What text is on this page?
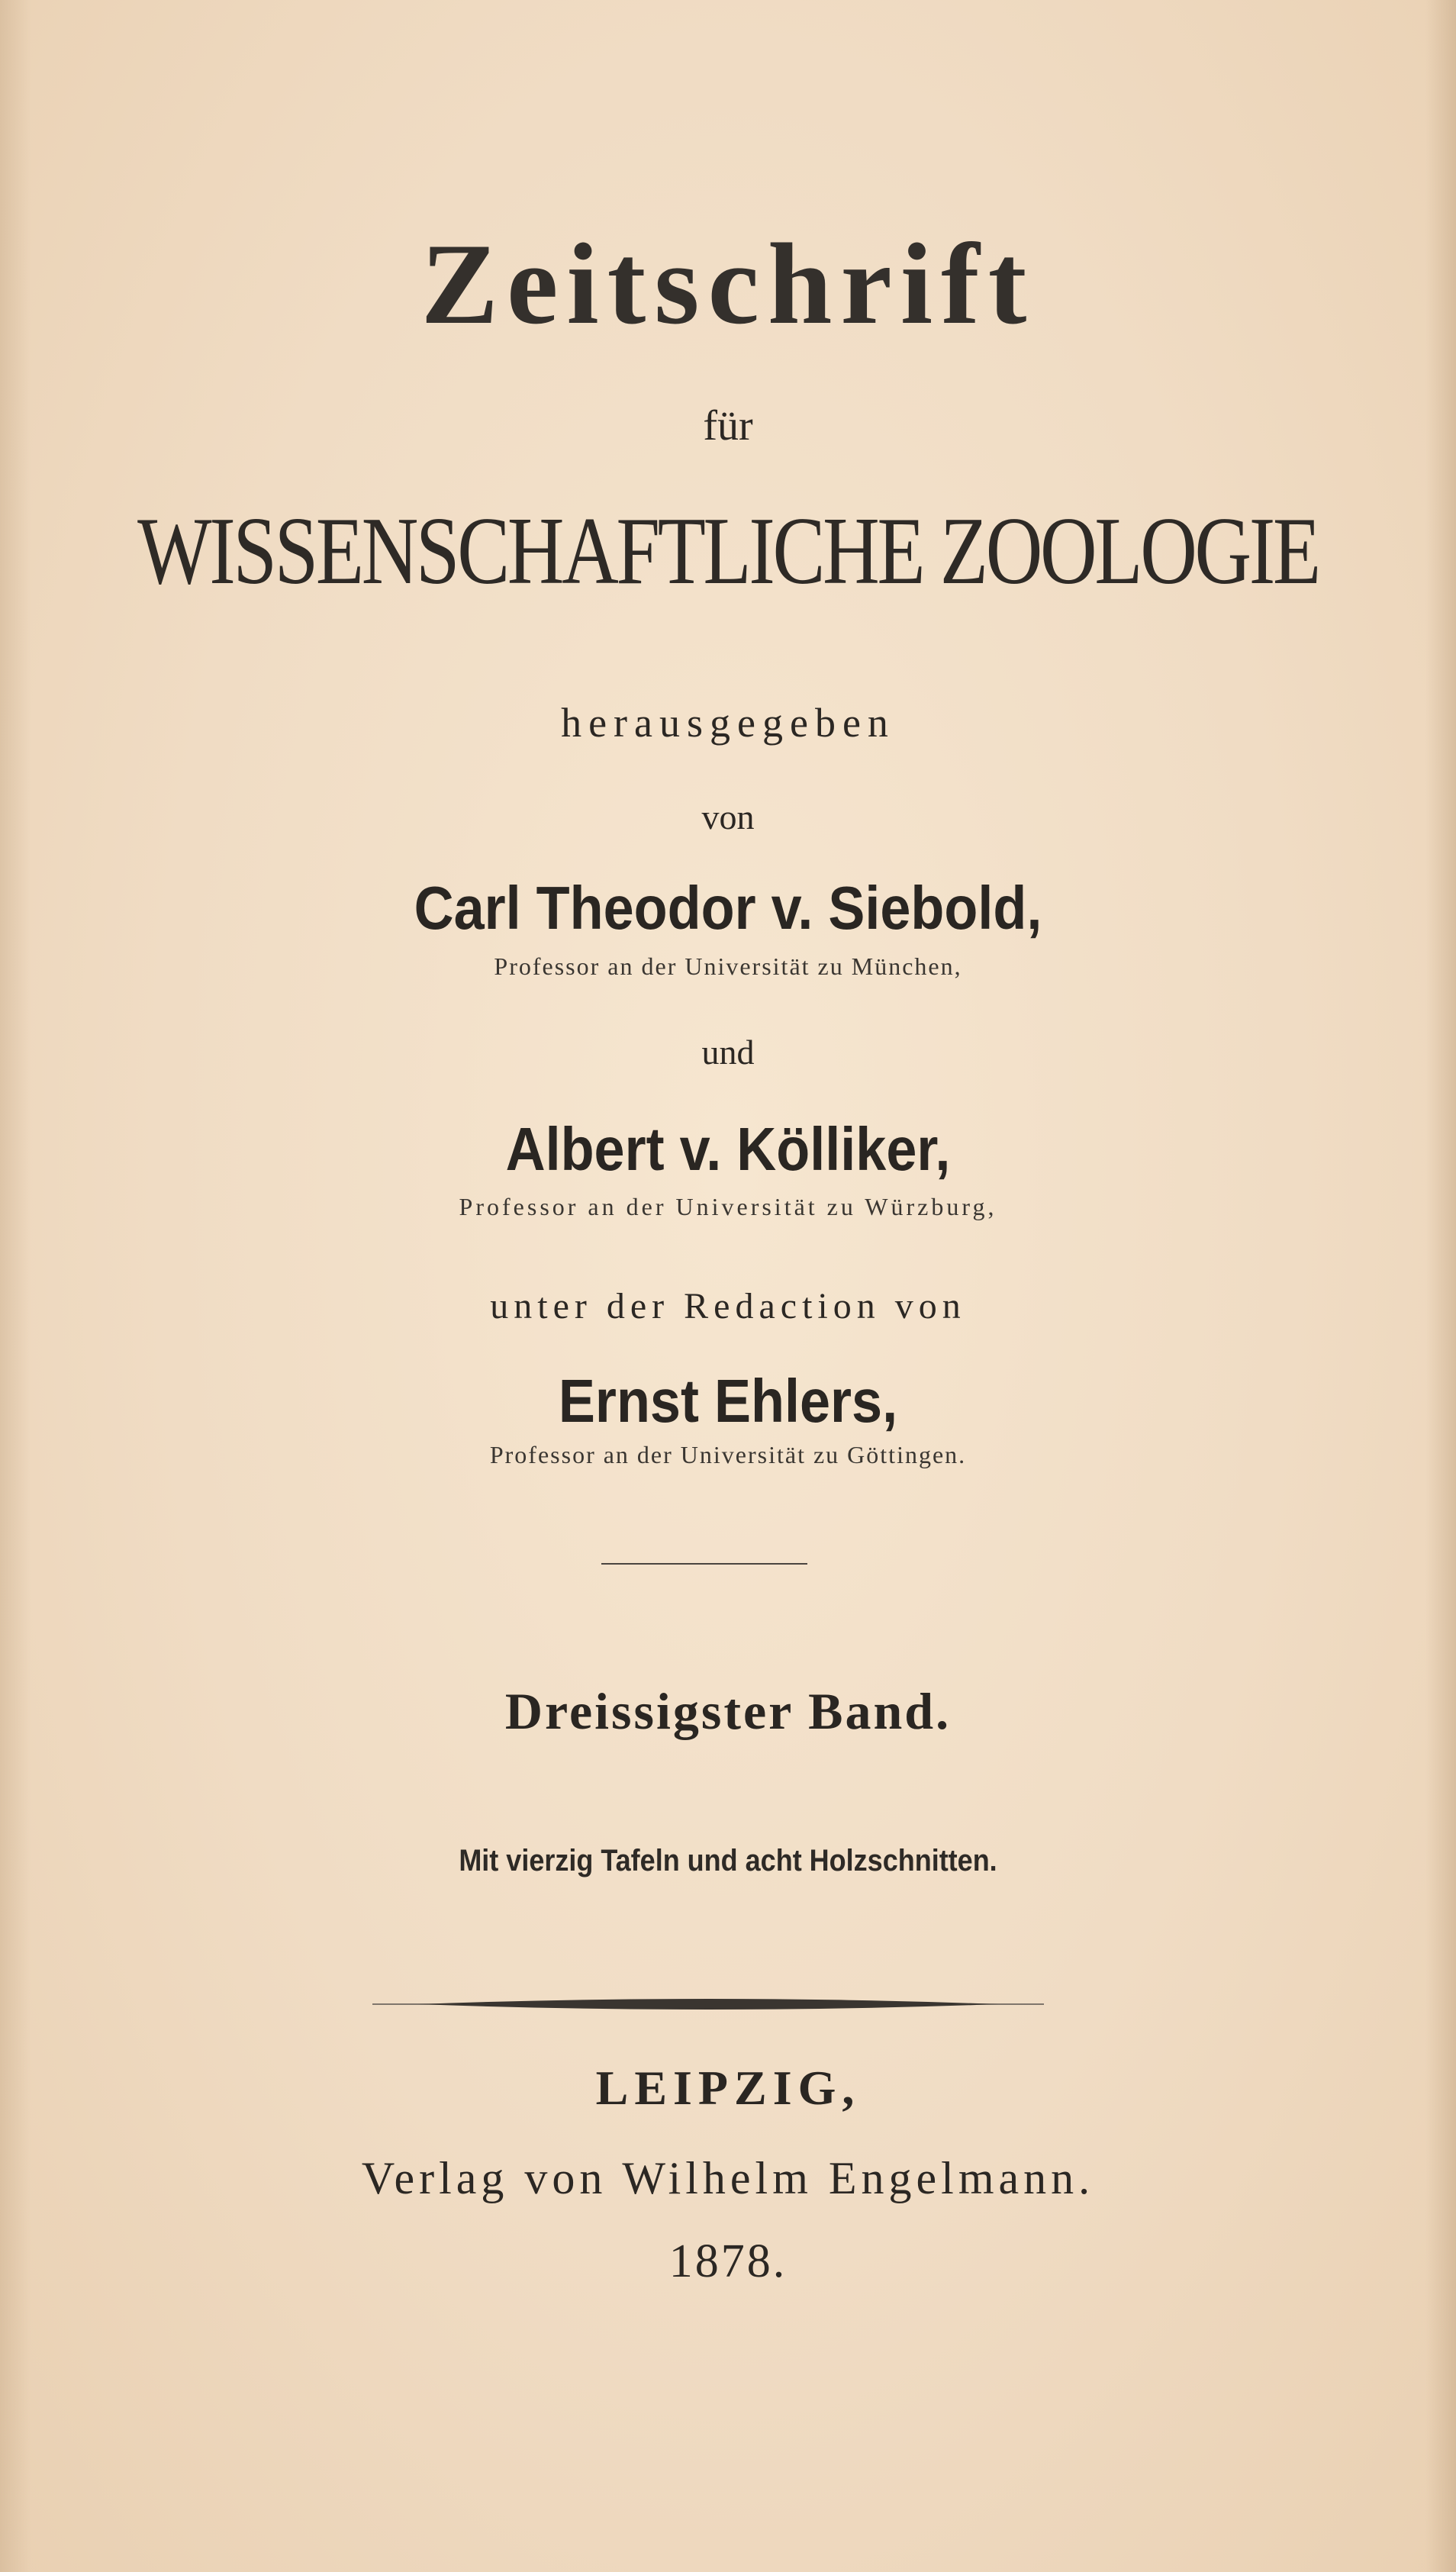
Zeitschrift
für
WISSENSCHAFTLICHE ZOOLOGIE
herausgegeben
von
Carl Theodor v. Siebold,
Professor an der Universität zu München,
und
Albert v. Kölliker,
Professor an der Universität zu Würzburg,
unter der Redaction von
Ernst Ehlers,
Professor an der Universität zu Göttingen.
Dreissigster Band.
Mit vierzig Tafeln und acht Holzschnitten.
LEIPZIG,
Verlag von Wilhelm Engelmann.
1878.
